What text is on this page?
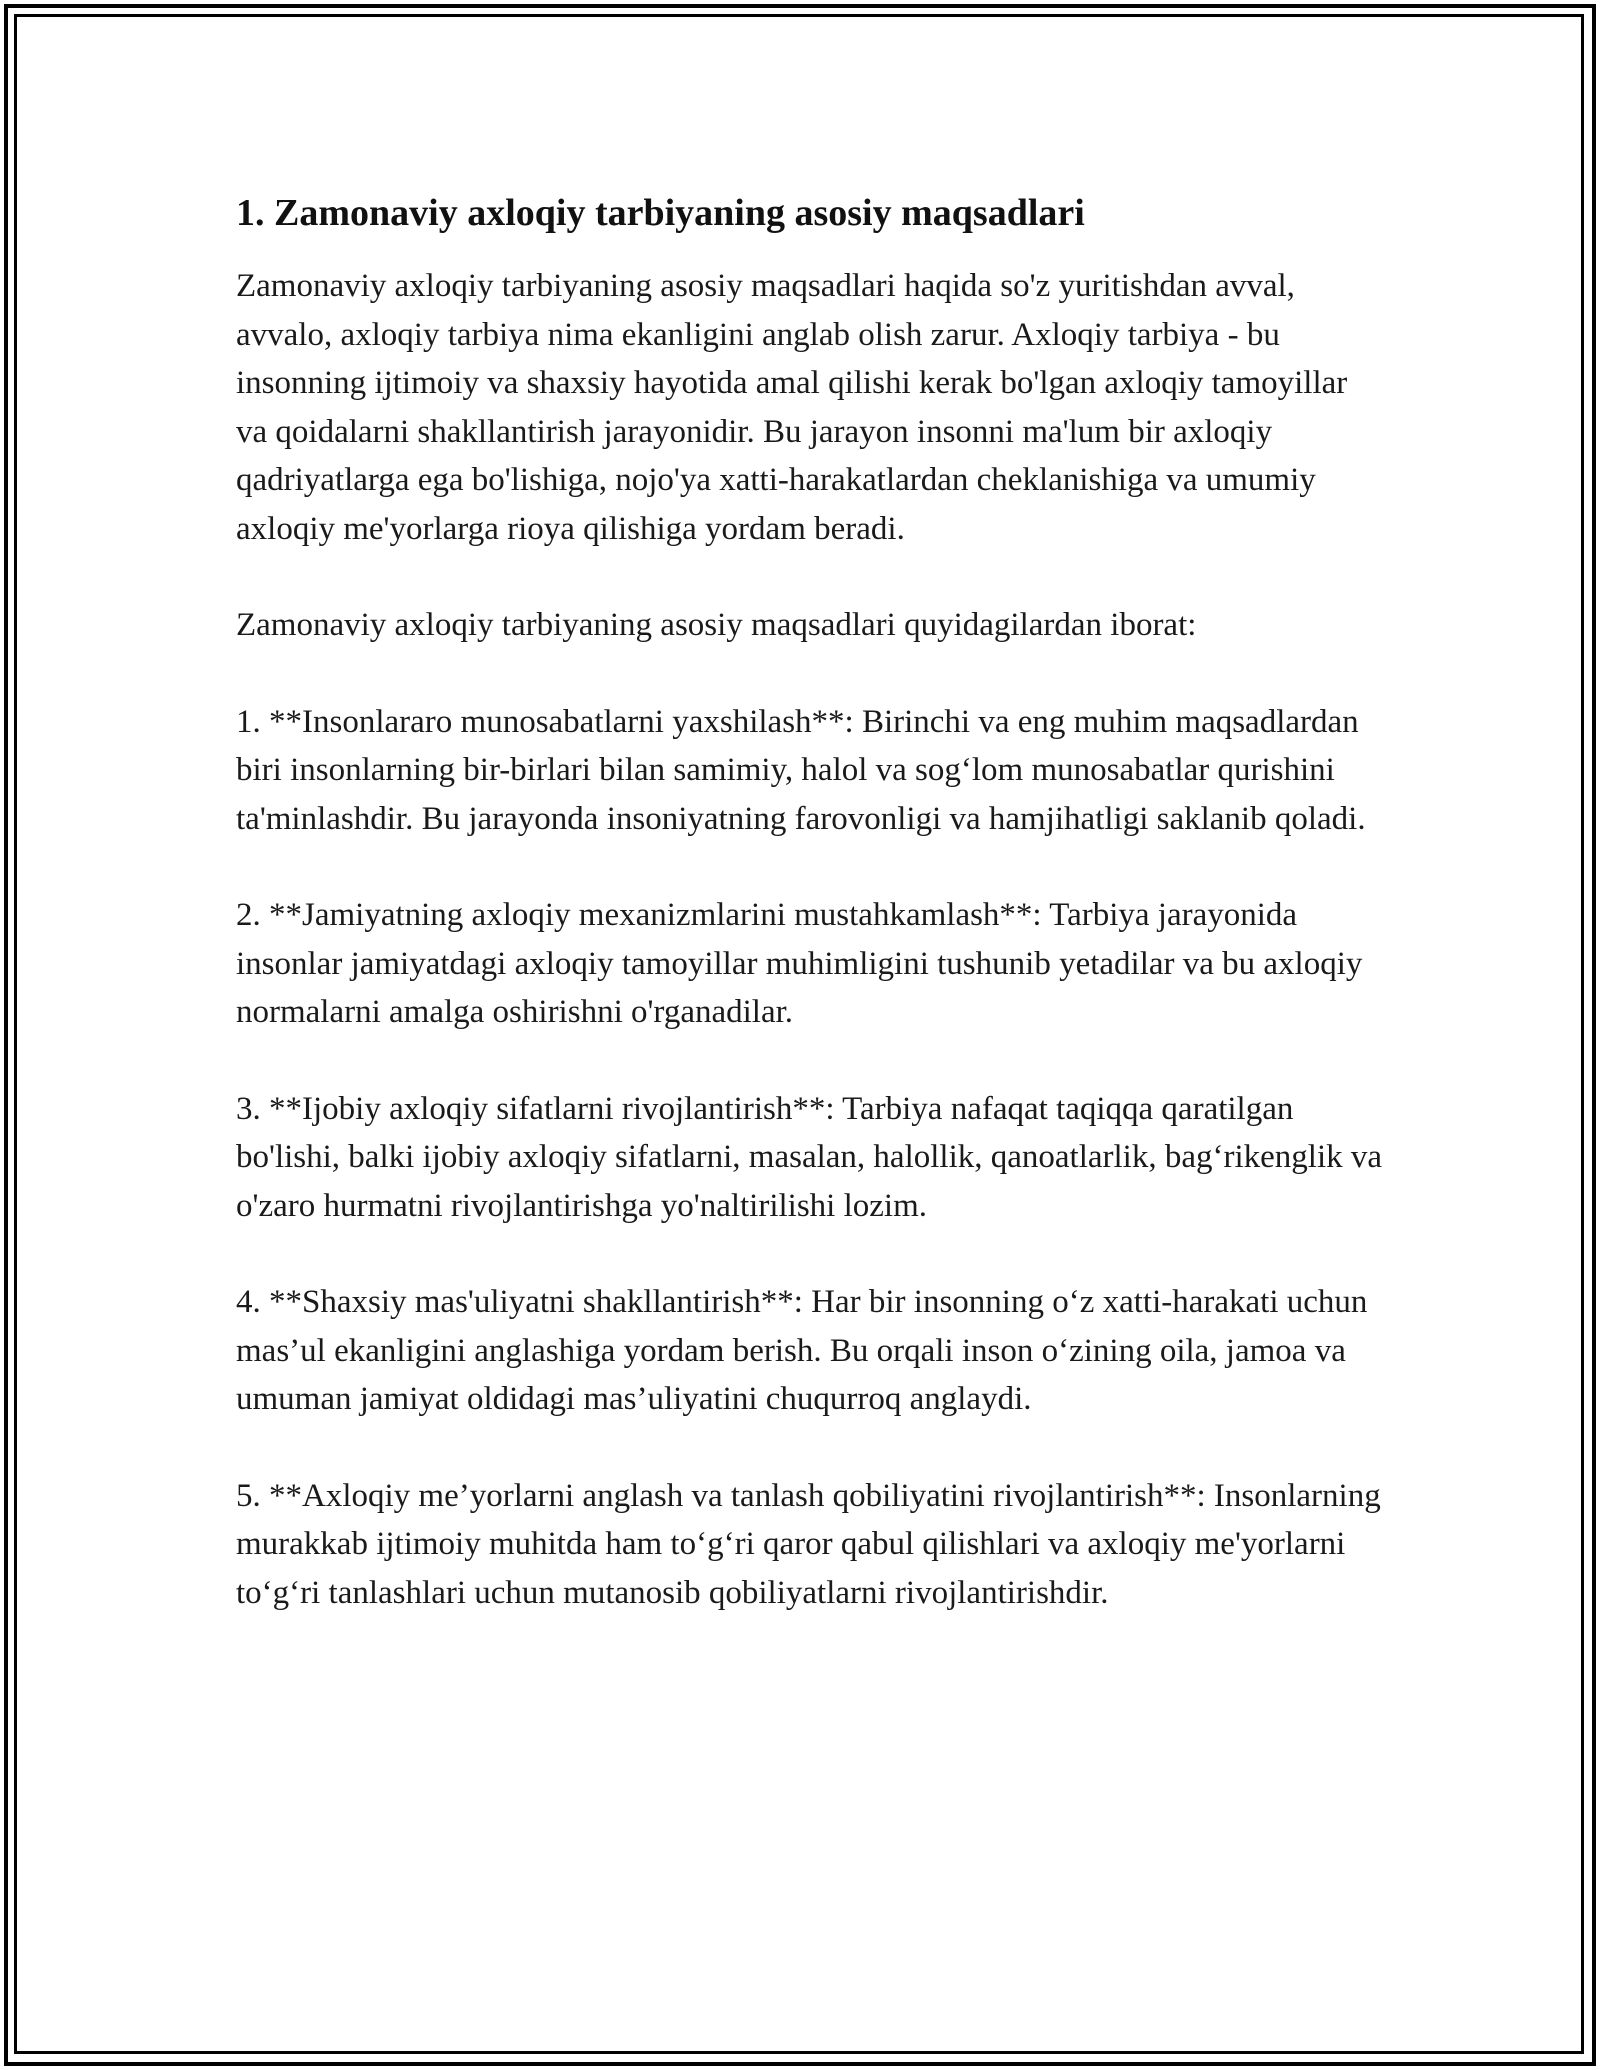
1. Zamonaviy axloqiy tarbiyaning asosiy maqsadlari

Zamonaviy axloqiy tarbiyaning asosiy maqsadlari haqida so'z yuritishdan avval, avvalo, axloqiy tarbiya nima ekanligini anglab olish zarur. Axloqiy tarbiya - bu insonning ijtimoiy va shaxsiy hayotida amal qilishi kerak bo'lgan axloqiy tamoyillar va qoidalarni shakllantirish jarayonidir. Bu jarayon insonni ma'lum bir axloqiy qadriyatlarga ega bo'lishiga, nojo'ya xatti-harakatlardan cheklanishiga va umumiy axloqiy me'yorlarga rioya qilishiga yordam beradi.

Zamonaviy axloqiy tarbiyaning asosiy maqsadlari quyidagilardan iborat:

1. **Insonlararo munosabatlarni yaxshilash**: Birinchi va eng muhim maqsadlardan biri insonlarning bir-birlari bilan samimiy, halol va sog‘lom munosabatlar qurishini ta'minlashdir. Bu jarayonda insoniyatning farovonligi va hamjihatligi saklanib qoladi.

2. **Jamiyatning axloqiy mexanizmlarini mustahkamlash**: Tarbiya jarayonida insonlar jamiyatdagi axloqiy tamoyillar muhimligini tushunib yetadilar va bu axloqiy normalarni amalga oshirishni o'rganadilar.

3. **Ijobiy axloqiy sifatlarni rivojlantirish**: Tarbiya nafaqat taqiqqa qaratilgan bo'lishi, balki ijobiy axloqiy sifatlarni, masalan, halollik, qanoatlarlik, bag‘rikenglik va o'zaro hurmatni rivojlantirishga yo'naltirilishi lozim.

4. **Shaxsiy mas'uliyatni shakllantirish**: Har bir insonning o‘z xatti-harakati uchun mas’ul ekanligini anglashiga yordam berish. Bu orqali inson o‘zining oila, jamoa va umuman jamiyat oldidagi mas’uliyatini chuqurroq anglaydi.

5. **Axloqiy me’yorlarni anglash va tanlash qobiliyatini rivojlantirish**: Insonlarning murakkab ijtimoiy muhitda ham to‘g‘ri qaror qabul qilishlari va axloqiy me'yorlarni to‘g‘ri tanlashlari uchun mutanosib qobiliyatlarni rivojlantirishdir.
